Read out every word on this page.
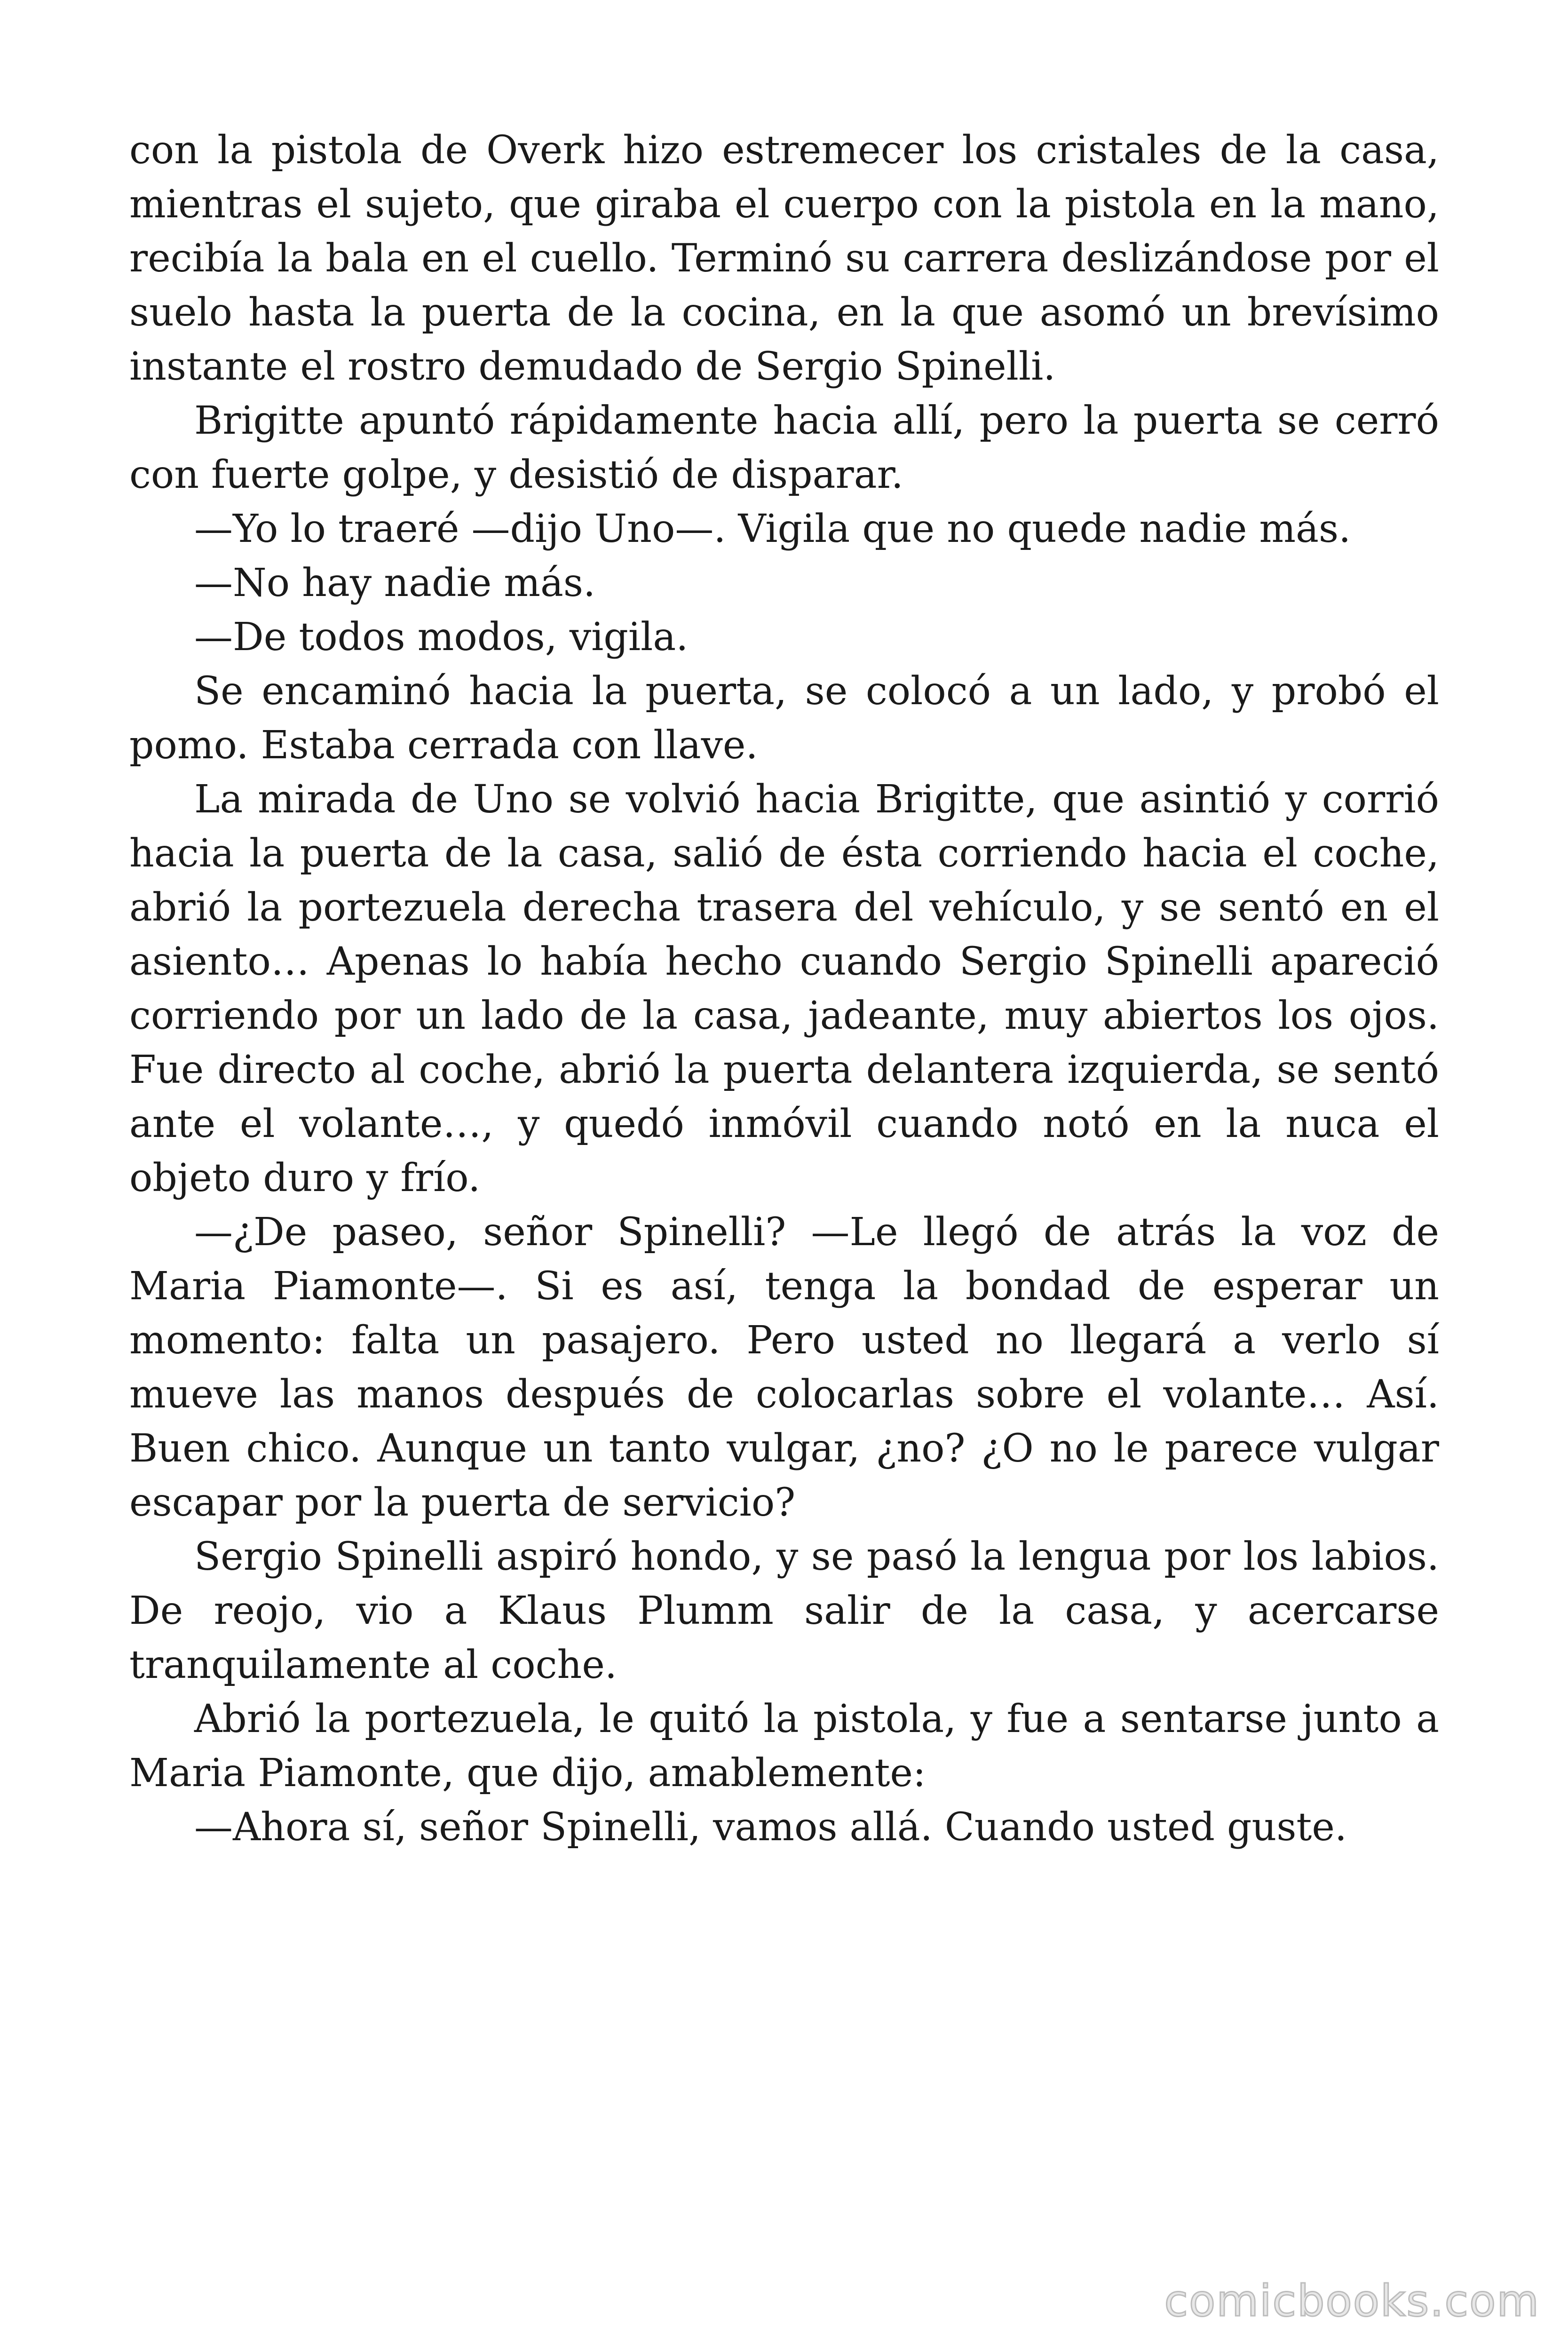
con la pistola de Overk hizo estremecer los cristales de la casa, mientras el sujeto, que giraba el cuerpo con la pistola en la mano, recibía la bala en el cuello. Terminó su carrera deslizándose por el suelo hasta la puerta de la cocina, en la que asomó un brevísimo instante el rostro demudado de Sergio Spinelli.

Brigitte apuntó rápidamente hacia allí, pero la puerta se cerró con fuerte golpe, y desistió de disparar.

—Yo lo traeré —dijo Uno—. Vigila que no quede nadie más.

—No hay nadie más.

—De todos modos, vigila.

Se encaminó hacia la puerta, se colocó a un lado, y probó el pomo. Estaba cerrada con llave.

La mirada de Uno se volvió hacia Brigitte, que asintió y corrió hacia la puerta de la casa, salió de ésta corriendo hacia el coche, abrió la portezuela derecha trasera del vehículo, y se sentó en el asiento… Apenas lo había hecho cuando Sergio Spinelli apareció corriendo por un lado de la casa, jadeante, muy abiertos los ojos. Fue directo al coche, abrió la puerta delantera izquierda, se sentó ante el volante…, y quedó inmóvil cuando notó en la nuca el objeto duro y frío.

—¿De paseo, señor Spinelli? —Le llegó de atrás la voz de Maria Piamonte—. Si es así, tenga la bondad de esperar un momento: falta un pasajero. Pero usted no llegará a verlo sí mueve las manos después de colocarlas sobre el volante… Así. Buen chico. Aunque un tanto vulgar, ¿no? ¿O no le parece vulgar escapar por la puerta de servicio?

Sergio Spinelli aspiró hondo, y se pasó la lengua por los labios. De reojo, vio a Klaus Plumm salir de la casa, y acercarse tranquilamente al coche.

Abrió la portezuela, le quitó la pistola, y fue a sentarse junto a Maria Piamonte, que dijo, amablemente:

—Ahora sí, señor Spinelli, vamos allá. Cuando usted guste.

comicbooks.com
